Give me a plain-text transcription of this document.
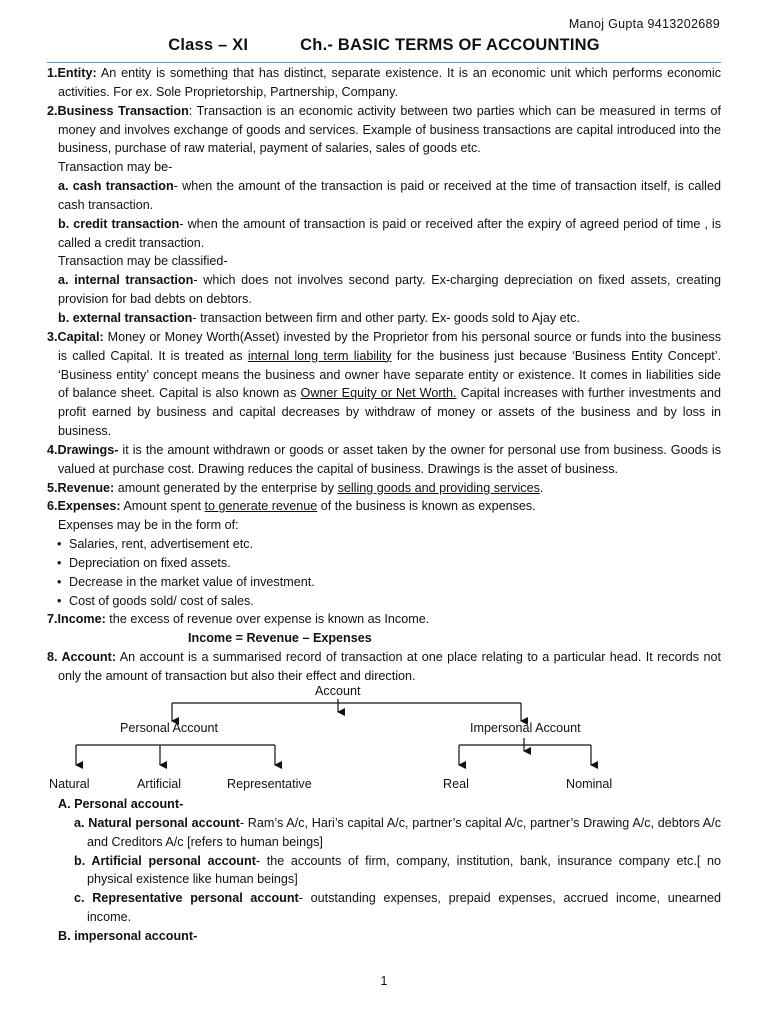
Manoj Gupta 9413202689
Class – XI	Ch.- BASIC TERMS OF ACCOUNTING

1.Entity: An entity is something that has distinct, separate existence. It is an economic unit which performs economic activities. For ex. Sole Proprietorship, Partnership, Company.

2.Business Transaction: Transaction is an economic activity between two parties which can be measured in terms of money and involves exchange of goods and services. Example of business transactions are capital introduced into the business, purchase of raw material, payment of salaries, sales of goods etc.

Transaction may be-

a. cash transaction- when the amount of the transaction is paid or received at the time of transaction itself, is called cash transaction.

b. credit transaction- when the amount of transaction is paid or received after the expiry of agreed period of time , is called a credit transaction.

Transaction may be classified-

a. internal transaction- which does not involves second party. Ex-charging depreciation on fixed assets, creating provision for bad debts on debtors.

b. external transaction- transaction between firm and other party. Ex- goods sold to Ajay etc.

3.Capital: Money or Money Worth(Asset) invested by the Proprietor from his personal source or funds into the business is called Capital. It is treated as internal long term liability for the business just because ‘Business Entity Concept’. ‘Business entity’ concept means the business and owner have separate entity or existence. It comes in liabilities side of balance sheet. Capital is also known as Owner Equity or Net Worth. Capital increases with further investments and profit earned by business and capital decreases by withdraw of money or assets of the business and by loss in business.

4.Drawings- it is the amount withdrawn or goods or asset taken by the owner for personal use from business. Goods is valued at purchase cost. Drawing reduces the capital of business. Drawings is the asset of business.

5.Revenue: amount generated by the enterprise by selling goods and providing services.

6.Expenses: Amount spent to generate revenue of the business is known as expenses.

Expenses may be in the form of:

• Salaries, rent, advertisement etc.

• Depreciation on fixed assets.

• Decrease in the market value of investment.

• Cost of goods sold/ cost of sales.

7.Income: the excess of revenue over expense is known as Income.

Income = Revenue – Expenses

8. Account: An account is a summarised record of transaction at one place relating to a particular head. It records not only the amount of transaction but also their effect and direction.

Account
Personal Account	Impersonal Account
Natural	Artificial	Representative	Real	Nominal

A. Personal account-

a. Natural personal account- Ram’s A/c, Hari’s capital A/c, partner’s capital A/c, partner’s Drawing A/c, debtors A/c and Creditors A/c [refers to human beings]

b. Artificial personal account- the accounts of firm, company, institution, bank, insurance company etc.[ no physical existence like human beings]

c. Representative personal account- outstanding expenses, prepaid expenses, accrued income, unearned income.

B. impersonal account-

1
